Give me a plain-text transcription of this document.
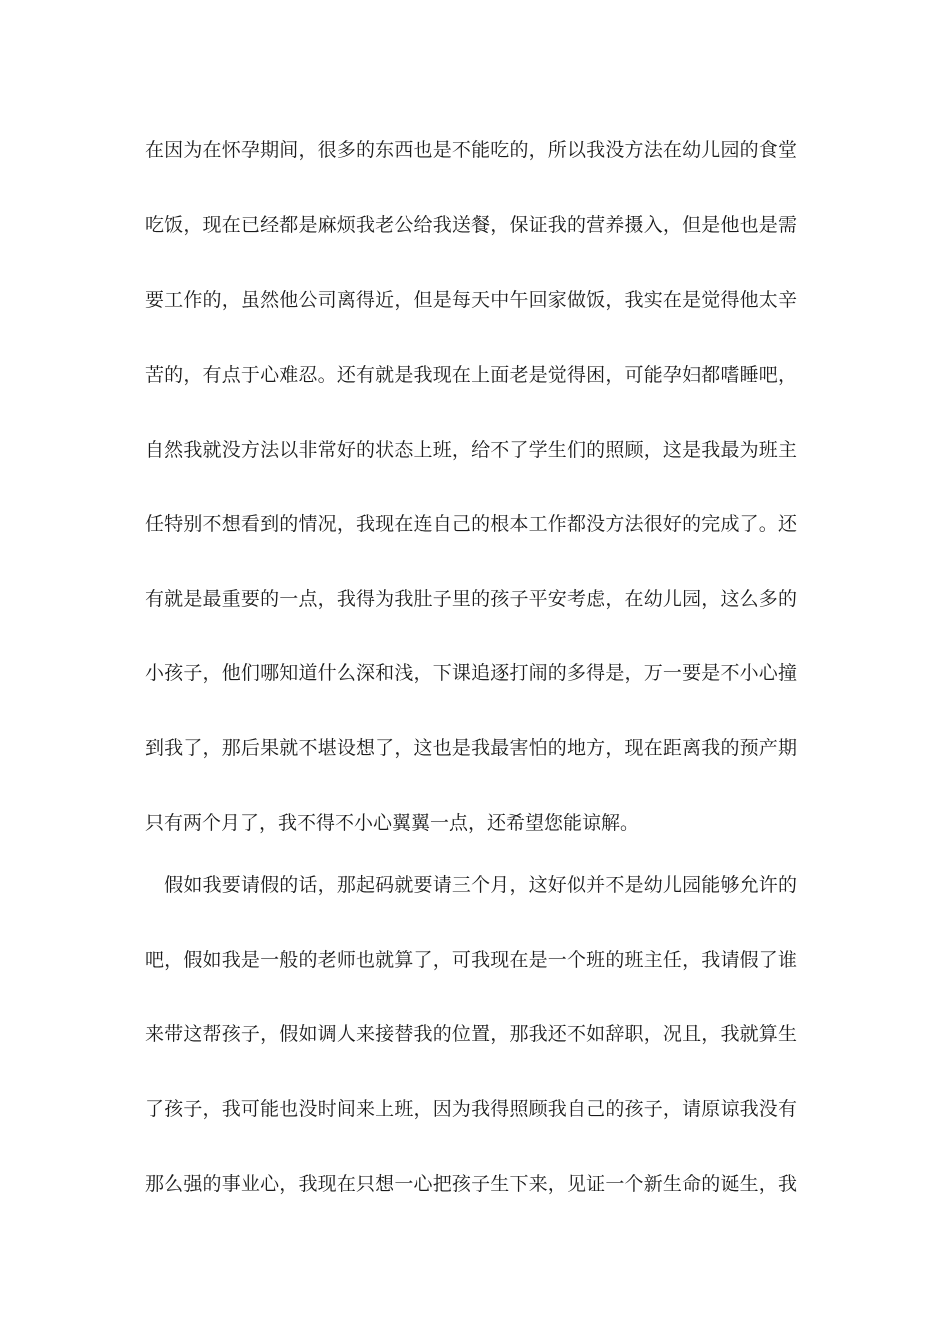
在因为在怀孕期间，很多的东西也是不能吃的，所以我没方法在幼儿园的食堂
吃饭，现在已经都是麻烦我老公给我送餐，保证我的营养摄入，但是他也是需
要工作的，虽然他公司离得近，但是每天中午回家做饭，我实在是觉得他太辛
苦的，有点于心难忍。还有就是我现在上面老是觉得困，可能孕妇都嗜睡吧，
自然我就没方法以非常好的状态上班，给不了学生们的照顾，这是我最为班主
任特别不想看到的情况，我现在连自己的根本工作都没方法很好的完成了。还
有就是最重要的一点，我得为我肚子里的孩子平安考虑，在幼儿园，这么多的
小孩子，他们哪知道什么深和浅，下课追逐打闹的多得是，万一要是不小心撞
到我了，那后果就不堪设想了，这也是我最害怕的地方，现在距离我的预产期
只有两个月了，我不得不小心翼翼一点，还希望您能谅解。
　假如我要请假的话，那起码就要请三个月，这好似并不是幼儿园能够允许的
吧，假如我是一般的老师也就算了，可我现在是一个班的班主任，我请假了谁
来带这帮孩子，假如调人来接替我的位置，那我还不如辞职，况且，我就算生
了孩子，我可能也没时间来上班，因为我得照顾我自己的孩子，请原谅我没有
那么强的事业心，我现在只想一心把孩子生下来，见证一个新生命的诞生，我
